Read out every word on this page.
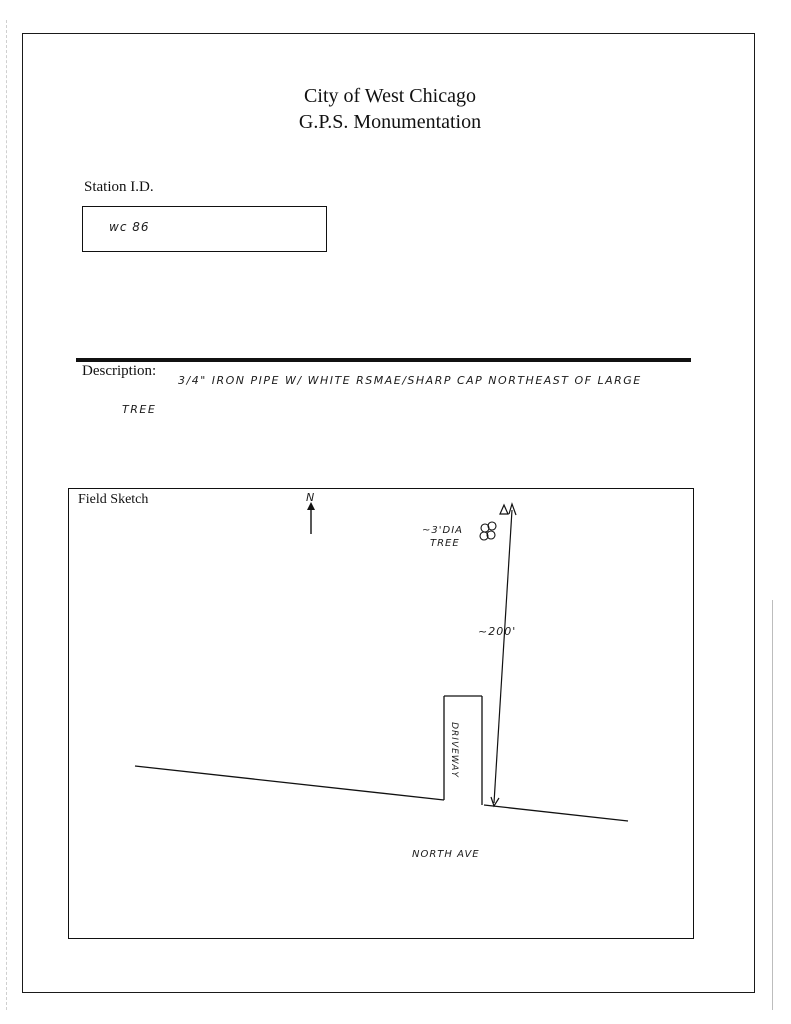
City of West Chicago
G.P.S. Monumentation
Station I.D.
wc 86
Description:
3/4" IRON PIPE W/ WHITE RSMAE/SHARP CAP NORTHEAST OF LARGE
TREE
Field Sketch	N
~3'DIA
TREE
~200'
DRIVEWAY
NORTH AVE
